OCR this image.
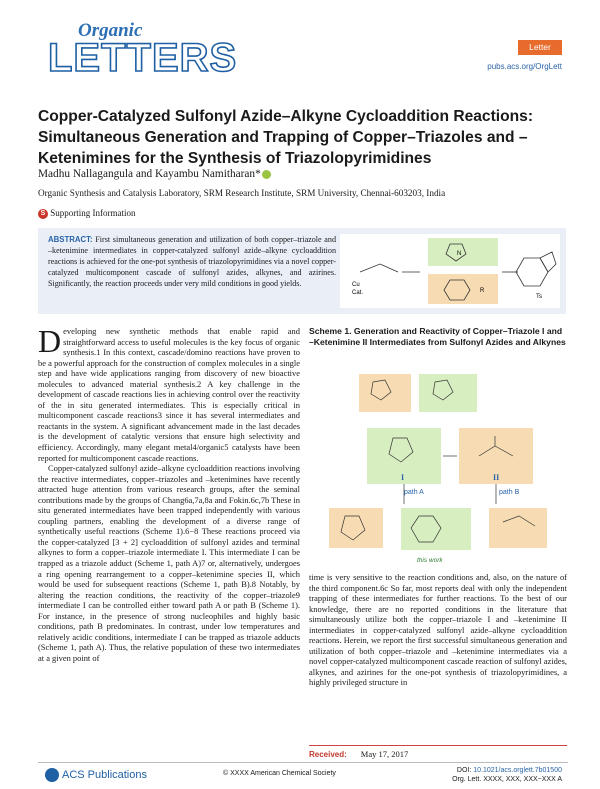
Organic
LETTERS	Letter
pubs.acs.org/OrgLett
Copper-Catalyzed Sulfonyl Azide–Alkyne Cycloaddition Reactions: Simultaneous Generation and Trapping of Copper–Triazoles and –Ketenimines for the Synthesis of Triazolopyrimidines
Madhu Nallagangula and Kayambu Namitharan*
Organic Synthesis and Catalysis Laboratory, SRM Research Institute, SRM University, Chennai-603203, India
S Supporting Information
ABSTRACT: First simultaneous generation and utilization of both copper–triazole and –ketenimine intermediates in copper-catalyzed sulfonyl azide–alkyne cycloaddition reactions is achieved for the one-pot synthesis of triazolopyrimidines via a novel copper-catalyzed multicomponent cascade of sulfonyl azides, alkynes, and azirines. Significantly, the reaction proceeds under very mild conditions in good yields.	Cu
Cat.
N
R
Ts

Developing new synthetic methods that enable rapid and straightforward access to useful molecules is the key focus of organic synthesis.1 In this context, cascade/domino reactions have proven to be a powerful approach for the construction of complex molecules in a single step and have wide applications ranging from discovery of new bioactive molecules to advanced material synthesis.2 A key challenge in the development of cascade reactions lies in achieving control over the reactivity of the in situ generated intermediates. This is especially critical in multicomponent cascade reactions3 since it has several intermediates and reactants in the system. A significant advancement made in the last decades is the development of catalytic versions that ensure high selectivity and efficiency. Accordingly, many elegant metal4/organic5 catalysts have been reported for multicomponent cascade reactions.

Copper-catalyzed sulfonyl azide–alkyne cycloaddition reactions involving the reactive intermediates, copper–triazoles and –ketenimines have recently attracted huge attention from various research groups, after the seminal contributions made by the groups of Chang6a,7a,8a and Fokin.6c,7b These in situ generated intermediates have been trapped independently with various coupling partners, enabling the development of a diverse range of synthetically useful reactions (Scheme 1).6−8 These reactions proceed via the copper-catalyzed [3 + 2] cycloaddition of sulfonyl azides and terminal alkynes to form a copper–triazole intermediate I. This intermediate I can be trapped as a triazole adduct (Scheme 1, path A)7 or, alternatively, undergoes a ring opening rearrangement to a copper–ketenimine species II, which would be used for subsequent reactions (Scheme 1, path B).8 Notably, by altering the reaction conditions, the reactivity of the copper–triazole9 intermediate I can be controlled either toward path A or path B (Scheme 1). For instance, in the presence of strong nucleophiles and highly basic conditions, path B predominates. In contrast, under low temperatures and relatively acidic conditions, intermediate I can be trapped as triazole adducts (Scheme 1, path A). Thus, the relative population of these two intermediates at a given point of

Scheme 1. Generation and Reactivity of Copper–Triazole I and –Ketenimine II Intermediates from Sulfonyl Azides and Alkynes
path A	path B
I	II
this work

time is very sensitive to the reaction conditions and, also, on the nature of the third component.6c So far, most reports deal with only the independent trapping of these intermediates for further reactions. To the best of our knowledge, there are no reported conditions in the literature that simultaneously utilize both the copper–triazole I and –ketenimine II intermediates in copper-catalyzed sulfonyl azide–alkyne cycloaddition reactions. Herein, we report the first successful simultaneous generation and utilization of both copper–triazole and –ketenimine intermediates via a novel copper-catalyzed multicomponent cascade reaction of sulfonyl azides, alkynes, and azirines for the one-pot synthesis of triazolopyrimidines, a highly privileged structure in

Received: May 17, 2017
ACS Publications	© XXXX American Chemical Society	DOI: 10.1021/acs.orglett.7b01500
Org. Lett. XXXX, XXX, XXX−XXX A
